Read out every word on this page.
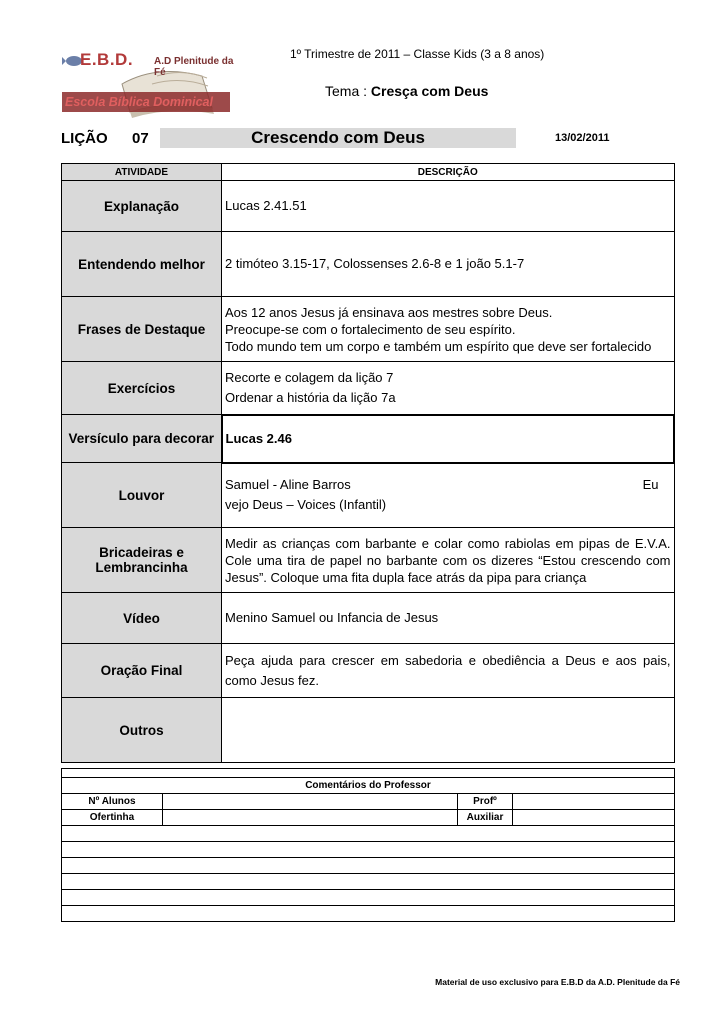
E.B.D. A.D Plenitude da Fé
Escola Bíblica Dominical
1º Trimestre de 2011 – Classe Kids (3 a 8 anos)
Tema : Cresça com Deus
LIÇÃO 07	Crescendo com Deus	13/02/2011
ATIVIDADE	DESCRIÇÃO
Explanação	Lucas 2.41.51
Entendendo melhor	2 timóteo 3.15-17, Colossenses 2.6-8 e 1 joão 5.1-7
Frases de Destaque	Aos 12 anos Jesus já ensinava aos mestres sobre Deus.
Preocupe-se com o fortalecimento de seu espírito.
Todo mundo tem um corpo e também um espírito que deve ser fortalecido

Exercícios	Recorte e colagem da lição 7
Ordenar a história da lição 7a

Versículo para decorar	Lucas 2.46
Louvor	Samuel - Aline Barros Eu
vejo Deus – Voices (Infantil)

Bricadeiras e
Lembrancinha	Medir as crianças com barbante e colar como rabiolas em pipas de E.V.A. Cole uma tira de papel no barbante com os dizeres “Estou crescendo com Jesus”. Coloque uma fita dupla face atrás da pipa para criança
Vídeo	Menino Samuel ou Infancia de Jesus
Oração Final	Peça ajuda para crescer em sabedoria e obediência a Deus e aos pais, como Jesus fez.
Outros	

Comentários do Professor			
Nº Alunos		Profº	
Ofertinha		Auxiliar	

Material de uso exclusivo para E.B.D da A.D. Plenitude da Fé
